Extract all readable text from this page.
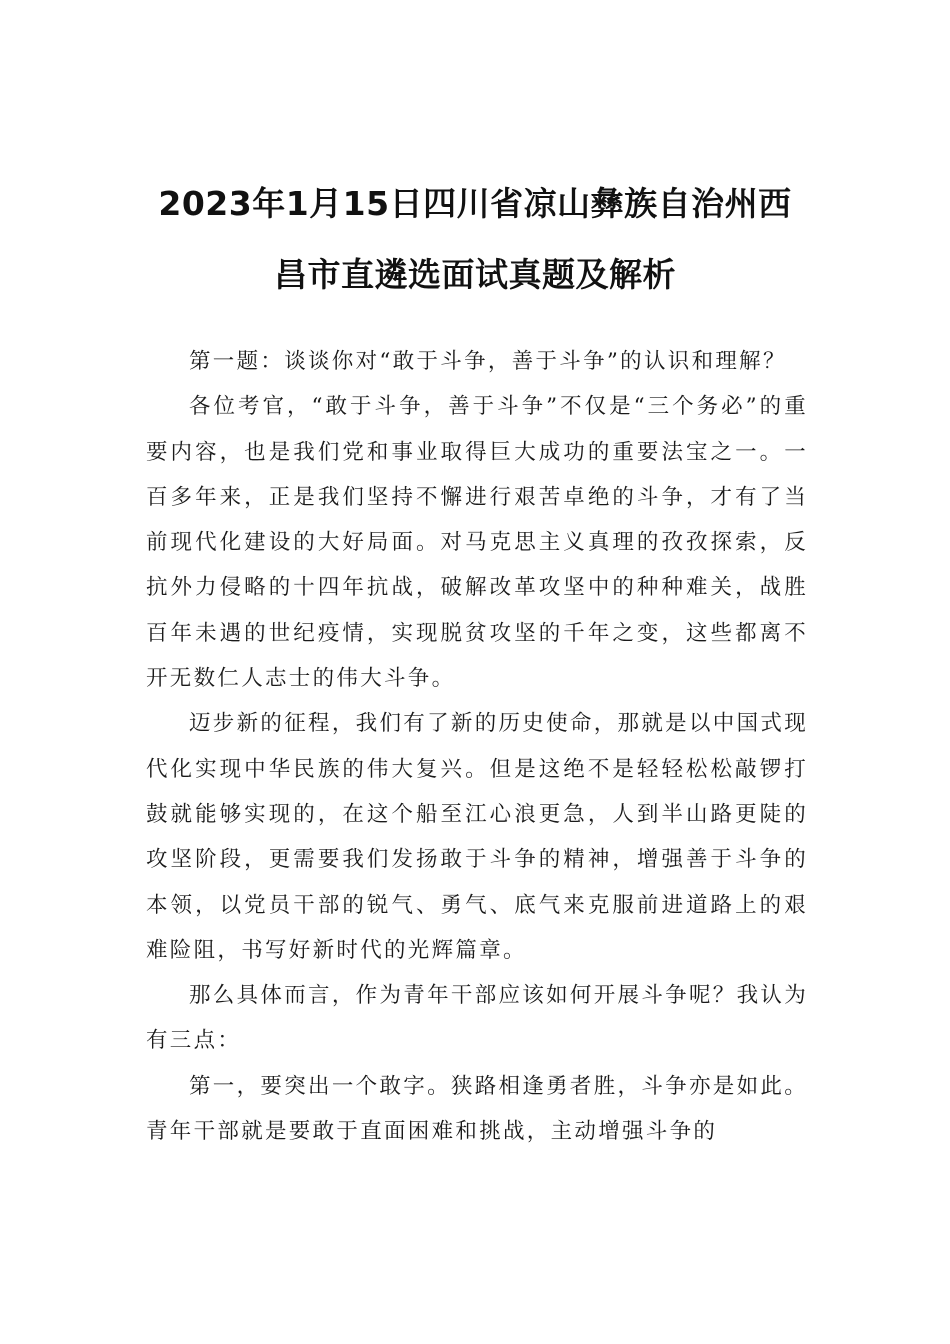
2023年1月15日四川省凉山彝族自治州西
昌市直遴选面试真题及解析

第一题：谈谈你对“敢于斗争，善于斗争”的认识和理解？

各位考官，“敢于斗争，善于斗争”不仅是“三个务必”的重要内容，也是我们党和事业取得巨大成功的重要法宝之一。一百多年来，正是我们坚持不懈进行艰苦卓绝的斗争，才有了当前现代化建设的大好局面。对马克思主义真理的孜孜探索，反抗外力侵略的十四年抗战，破解改革攻坚中的种种难关，战胜百年未遇的世纪疫情，实现脱贫攻坚的千年之变，这些都离不开无数仁人志士的伟大斗争。

迈步新的征程，我们有了新的历史使命，那就是以中国式现代化实现中华民族的伟大复兴。但是这绝不是轻轻松松敲锣打鼓就能够实现的，在这个船至江心浪更急，人到半山路更陡的攻坚阶段，更需要我们发扬敢于斗争的精神，增强善于斗争的本领，以党员干部的锐气、勇气、底气来克服前进道路上的艰难险阻，书写好新时代的光辉篇章。

那么具体而言，作为青年干部应该如何开展斗争呢？我认为有三点：

第一，要突出一个敢字。狭路相逢勇者胜，斗争亦是如此。青年干部就是要敢于直面困难和挑战，主动增强斗争的
